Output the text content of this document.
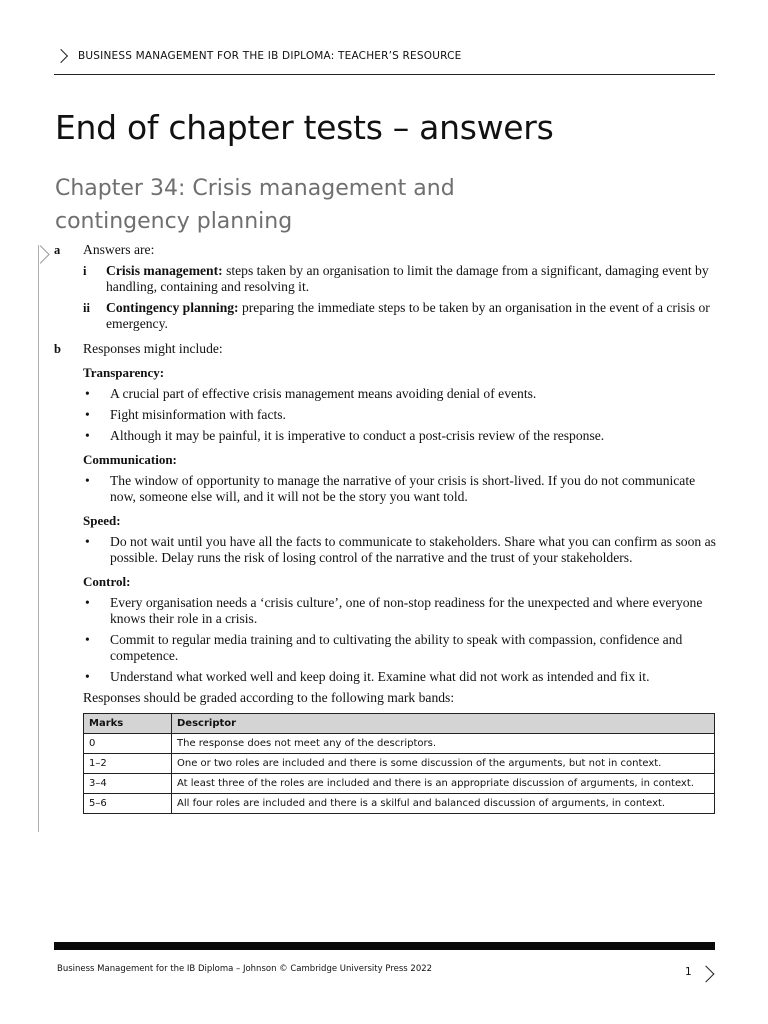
BUSINESS MANAGEMENT FOR THE IB DIPLOMA: TEACHER’S RESOURCE
End of chapter tests – answers
Chapter 34: Crisis management and contingency planning
a Answers are:
i Crisis management: steps taken by an organisation to limit the damage from a significant, damaging event by handling, containing and resolving it.
ii Contingency planning: preparing the immediate steps to be taken by an organisation in the event of a crisis or emergency.
b Responses might include:
Transparency:
• A crucial part of effective crisis management means avoiding denial of events.
• Fight misinformation with facts.
• Although it may be painful, it is imperative to conduct a post-crisis review of the response.
Communication:
• The window of opportunity to manage the narrative of your crisis is short-lived. If you do not communicate now, someone else will, and it will not be the story you want told.
Speed:
• Do not wait until you have all the facts to communicate to stakeholders. Share what you can confirm as soon as possible. Delay runs the risk of losing control of the narrative and the trust of your stakeholders.
Control:
• Every organisation needs a ‘crisis culture’, one of non-stop readiness for the unexpected and where everyone knows their role in a crisis.
• Commit to regular media training and to cultivating the ability to speak with compassion, confidence and competence.
• Understand what worked well and keep doing it. Examine what did not work as intended and fix it.
Responses should be graded according to the following mark bands:
Marks	Descriptor
0	The response does not meet any of the descriptors.
1–2	One or two roles are included and there is some discussion of the arguments, but not in context.
3–4	At least three of the roles are included and there is an appropriate discussion of arguments, in context.
5–6	All four roles are included and there is a skilful and balanced discussion of arguments, in context.
Business Management for the IB Diploma – Johnson © Cambridge University Press 2022	1
